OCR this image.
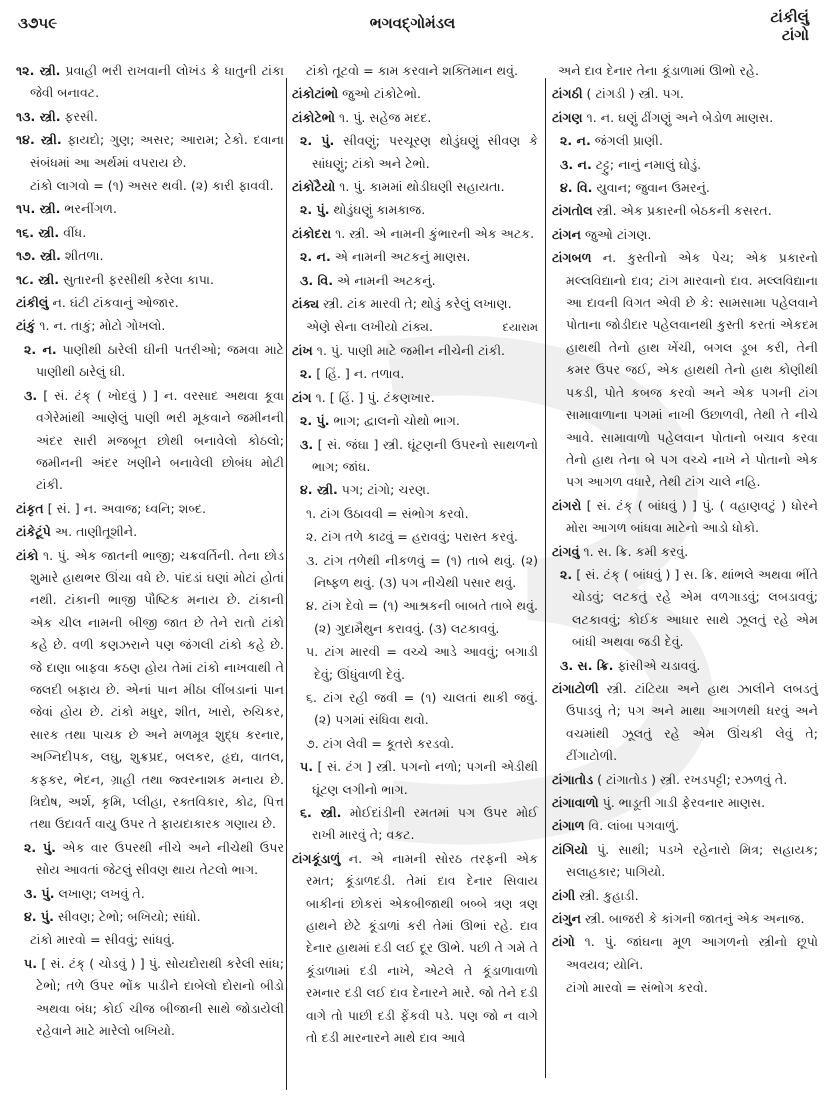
૩૭૫૯	ભગવદ્ગોમંડલ	ટાંકીલું
ટાંગો

૧૨. સ્ત્રી. પ્રવાહી ભરી રાખવાની લોખંડ કે ધાતુની ટાંકા જેવી બનાવટ.

૧૩. સ્ત્રી. ફરસી.

૧૪. સ્ત્રી. ફાયદો; ગુણ; અસર; આરામ; ટેકો. દવાના સંબંધમાં આ અર્થમાં વપરાય છે.

ટાંકો લાગવો = (૧) અસર થવી. (૨) કારી ફાવવી.

૧૫. સ્ત્રી. ભરનીંગળ.

૧૬. સ્ત્રી. વીંધ.

૧૭. સ્ત્રી. શીતળા.

૧૮. સ્ત્રી. સુતારની ફરસીથી કરેલા કાપા.

ટાંકીલું ન. ઘંટી ટાંકવાનું ઓજાર.

ટાંકું ૧. ન. તાકું; મોટો ગોખલો.

૨. ન. પાણીથી ઠારેલી ઘીની પતરીઓ; જમવા માટે પાણીથી ઠારેલું ઘી.

૩. [ સં. ટંક્ ( ખોદવું ) ] ન. વરસાદ અથવા કૂવા વગેરેમાંથી આણેલું પાણી ભરી મૂકવાને જમીનની અંદર સારી મજબૂત છોથી બનાવેલો કોઠલો; જમીનની અંદર ખણીને બનાવેલી છોબંધ મોટી ટાંકી.

ટાંકૃત [ સં. ] ન. અવાજ; ધ્વનિ; શબ્દ.

ટાંકેટૂંપે અ. તાણીતૂશીને.

ટાંકો ૧. પું. એક જાતની ભાજી; ચક્રવર્તિની. તેના છોડ શુમારે હાથભર ઊંચા વધે છે. પાંદડાં ઘણાં મોટાં હોતાં નથી. ટાંકાની ભાજી પૌષ્ટિક મનાય છે. ટાંકાની એક ચીલ નામની બીજી જાત છે તેને રાતો ટાંકો કહે છે. વળી કણઝરાને પણ જંગલી ટાંકો કહે છે. જે દાણા બાફવા કઠણ હોય તેમાં ટાંકો નાખવાથી તે જલદી બફાય છે. એનાં પાન મીઠા લીંબડાનાં પાન જેવાં હોય છે. ટાંકો મધુર, શીત, ખારો, રુચિકર, સારક તથા પાચક છે અને મળમૂત્ર શુદ્ધ કરનાર, અગ્નિદીપક, લઘુ, શુક્રપ્રદ, બલકર, હૃદ્ય, વાતલ, કફકર, ભેદન, ગ્રાહી તથા જ્વરનાશક મનાય છે. ત્રિદોષ, અર્શ, કૃમિ, પ્લીહા, રક્તવિકાર, કોઢ, પિત્ત તથા ઉદાવર્ત વાયુ ઉપર તે ફાયદાકારક ગણાય છે.

૨. પું. એક વાર ઉપરથી નીચે અને નીચેથી ઉપર સોય આવતાં જેટલું સીવણ થાય તેટલો ભાગ.

૩. પું. લખાણ; લખવું તે.

૪. પું. સીવણ; ટેભો; બખિયો; સાંધો.

ટાંકો મારવો = સીવવું; સાંધવું.

૫. [ સં. ટંક્ ( ચોડવું ) ] પું. સોયદોરાથી કરેલી સાંધ; ટેભો; તળે ઉપર ભોંક પાડીને દાબેલો દોરાનો બીડો અથવા બંધ; કોઈ ચીજ બીજાની સાથે જોડાયેલી રહેવાને માટે મારેલો બખિયો.

ટાંકો તૂટવો = કામ કરવાને શક્તિમાન થવું.

ટાંકોટાંભો જુઓ ટાંકોટેભો.

ટાંકોટેભો ૧. પું. સહેજ મદદ.

૨. પું. સીવણું; પરચૂરણ થોડુંઘણું સીવણ કે સાંધણું; ટાંકો અને ટેભો.

ટાંકોટૈયો ૧. પું. કામમાં થોડીઘણી સહાયતા.

૨. પું. થોડુંઘણું કામકાજ.

ટાંકોદરા ૧. સ્ત્રી. એ નામની કુંભારની એક અટક.

૨. ન. એ નામની અટકનું માણસ.

૩. વિ. એ નામની અટકનું.

ટાંક્ય સ્ત્રી. ટાંક મારવી તે; થોડું કરેલું લખાણ.

એણે સેના લખીયો ટાંક્ય.	દયારામ

ટાંખ ૧. પું. પાણી માટે જમીન નીચેની ટાંકી.

૨. [ હિં. ] ન. તળાવ.

ટાંગ ૧. [ હિં. ] પું. ટંકણખાર.

૨. પું. ભાગ; દ્વાલનો ચોથો ભાગ.

૩. [ સં. જંઘા ] સ્ત્રી. ઘૂંટણની ઉપરનો સાથળનો ભાગ; જાંઘ.

૪. સ્ત્રી. પગ; ટાંગો; ચરણ.

૧. ટાંગ ઉઠાવવી = સંભોગ કરવો.

૨. ટાંગ તળે કાઢવું = હરાવવું; પરાસ્ત કરવું.

૩. ટાંગ તળેથી નીકળવું = (૧) તાબે થવું. (૨) નિષ્ફળ થવું. (૩) પગ નીચેથી પસાર થવું.

૪. ટાંગ દેવો = (૧) આશ્રકની બાબતે તાબે થવું. (૨) ગુદામૈથુન કરાવવું. (૩) લટકાવવું.

૫. ટાંગ મારવી = વચ્ચે આડે આવવું; બગાડી દેવું; ઊંધુંવાળી દેવું.

૬. ટાંગ રહી જવી = (૧) ચાલતાં થાકી જવું. (૨) પગમાં સંધિવા થવો.

૭. ટાંગ લેવી = કૂતરો કરડવો.

૫. [ સં. ટંગ ] સ્ત્રી. પગનો નળો; પગની એડીથી ઘૂંટણ લગીનો ભાગ.

૬. સ્ત્રી. મોઈદાંડીની રમતમાં પગ ઉપર મોઈ રાખી મારવું તે; વકટ.

ટાંગકૂંડાળું ન. એ નામની સોરઠ તરફની એક રમત; કૂંડાળદડી. તેમાં દાવ દેનાર સિવાય બાકીનાં છોકરાં એકબીજાથી બબ્બે ત્રણ ત્રણ હાથને છેટે કૂંડાળાં કરી તેમાં ઊભાં રહે. દાવ દેનાર હાથમાં દડી લઈ દૂર ઊભે. પછી તે ગમે તે કૂંડાળામાં દડી નાખે, એટલે તે કૂંડાળાવાળો રમનાર દડી લઈ દાવ દેનારને મારે. જો તેને દડી વાગે તો પાછી દડી ફેંકવી પડે. પણ જો ન વાગે તો દડી મારનારને માથે દાવ આવે

અને દાવ દેનાર તેના કૂંડાળામાં ઊભો રહે.

ટાંગઠી ( ટાંગડી ) સ્ત્રી. પગ.

ટાંગણ ૧. ન. ઘણું ઢીંગણું અને બેડોળ માણસ.

૨. ન. જંગલી પ્રાણી.

૩. ન. ટટ્ટુ; નાનું નમાલું ઘોડું.

૪. વિ. યુવાન; જુવાન ઉમરનું.

ટાંગતોલ સ્ત્રી. એક પ્રકારની બેઠકની કસરત.

ટાંગન જુઓ ટાંગણ.

ટાંગબળ ન. કુસ્તીનો એક પેચ; એક પ્રકારનો મલ્લવિદ્યાનો દાવ; ટાંગ મારવાનો દાવ. મલ્લવિદ્યાના આ દાવની વિગત એવી છે કે: સામસામા પહેલવાને પોતાના જોડીદાર પહેલવાનથી કુસ્તી કરતાં એકદમ હાથથી તેનો હાથ ખેંચી, બગલ ડૂબ કરી, તેની કમર ઉપર જઈ, એક હાથથી તેનો હાથ કોણીથી પકડી, પોતે કબજ કરવો અને એક પગની ટાંગ સામાવાળાના પગમાં નાખી ઉછાળવી, તેથી તે નીચે આવે. સામાવાળો પહેલવાન પોતાનો બચાવ કરવા તેનો હાથ તેના બે પગ વચ્ચે નાખે ને પોતાનો એક પગ આગળ વધારે, તેથી ટાંગ ચાલે નહિ.

ટાંગરો [ સં. ટંક્ ( બાંધવું ) ] પું. ( વહાણવટું ) ધોરને મોરા આગળ બાંધવા માટેનો આડો ધોકો.

ટાંગવું ૧. સ. ક્રિ. કમી કરવું.

૨. [ સં. ટંક્ ( બાંધવું ) ] સ. ક્રિ. થાંભલે અથવા ભીંતે ચોડવું; લટકતું રહે એમ વળગાડવું; લબડાવવું; લટકાવવું; કોઈક આધાર સાથે ઝૂલતું રહે એમ બાંધી અથવા જડી દેવું.

૩. સ. ક્રિ. ફાંસીએ ચડાવવું.

ટાંગાટોળી સ્ત્રી. ટાંટિયા અને હાથ ઝાલીને લબડતું ઉપાડવું તે; પગ અને માથા આગળથી ધરવું અને વચમાંથી ઝૂલતું રહે એમ ઊંચકી લેવું તે; ટીંગાટોળી.

ટાંગાતોડ ( ટાંગાતોડ ) સ્ત્રી. રખડપટ્ટી; રઝળવું તે.

ટાંગાવાળો પું. ભાડૂતી ગાડી ફેરવનાર માણસ.

ટાંગાળ વિ. લાંબા પગવાળું.

ટાંગિયો પું. સાથી; પડખે રહેનારો મિત્ર; સહાયક; સલાહકાર; પાગિયો.

ટાંગી સ્ત્રી. કુહાડી.

ટાંગુન સ્ત્રી. બાજરી કે કાંગની જાતનું એક અનાજ.

ટાંગો ૧. પું. જાંઘના મૂળ આગળનો સ્ત્રીનો છૂપો અવયવ; યોનિ.

ટાંગો મારવો = સંભોગ કરવો.
